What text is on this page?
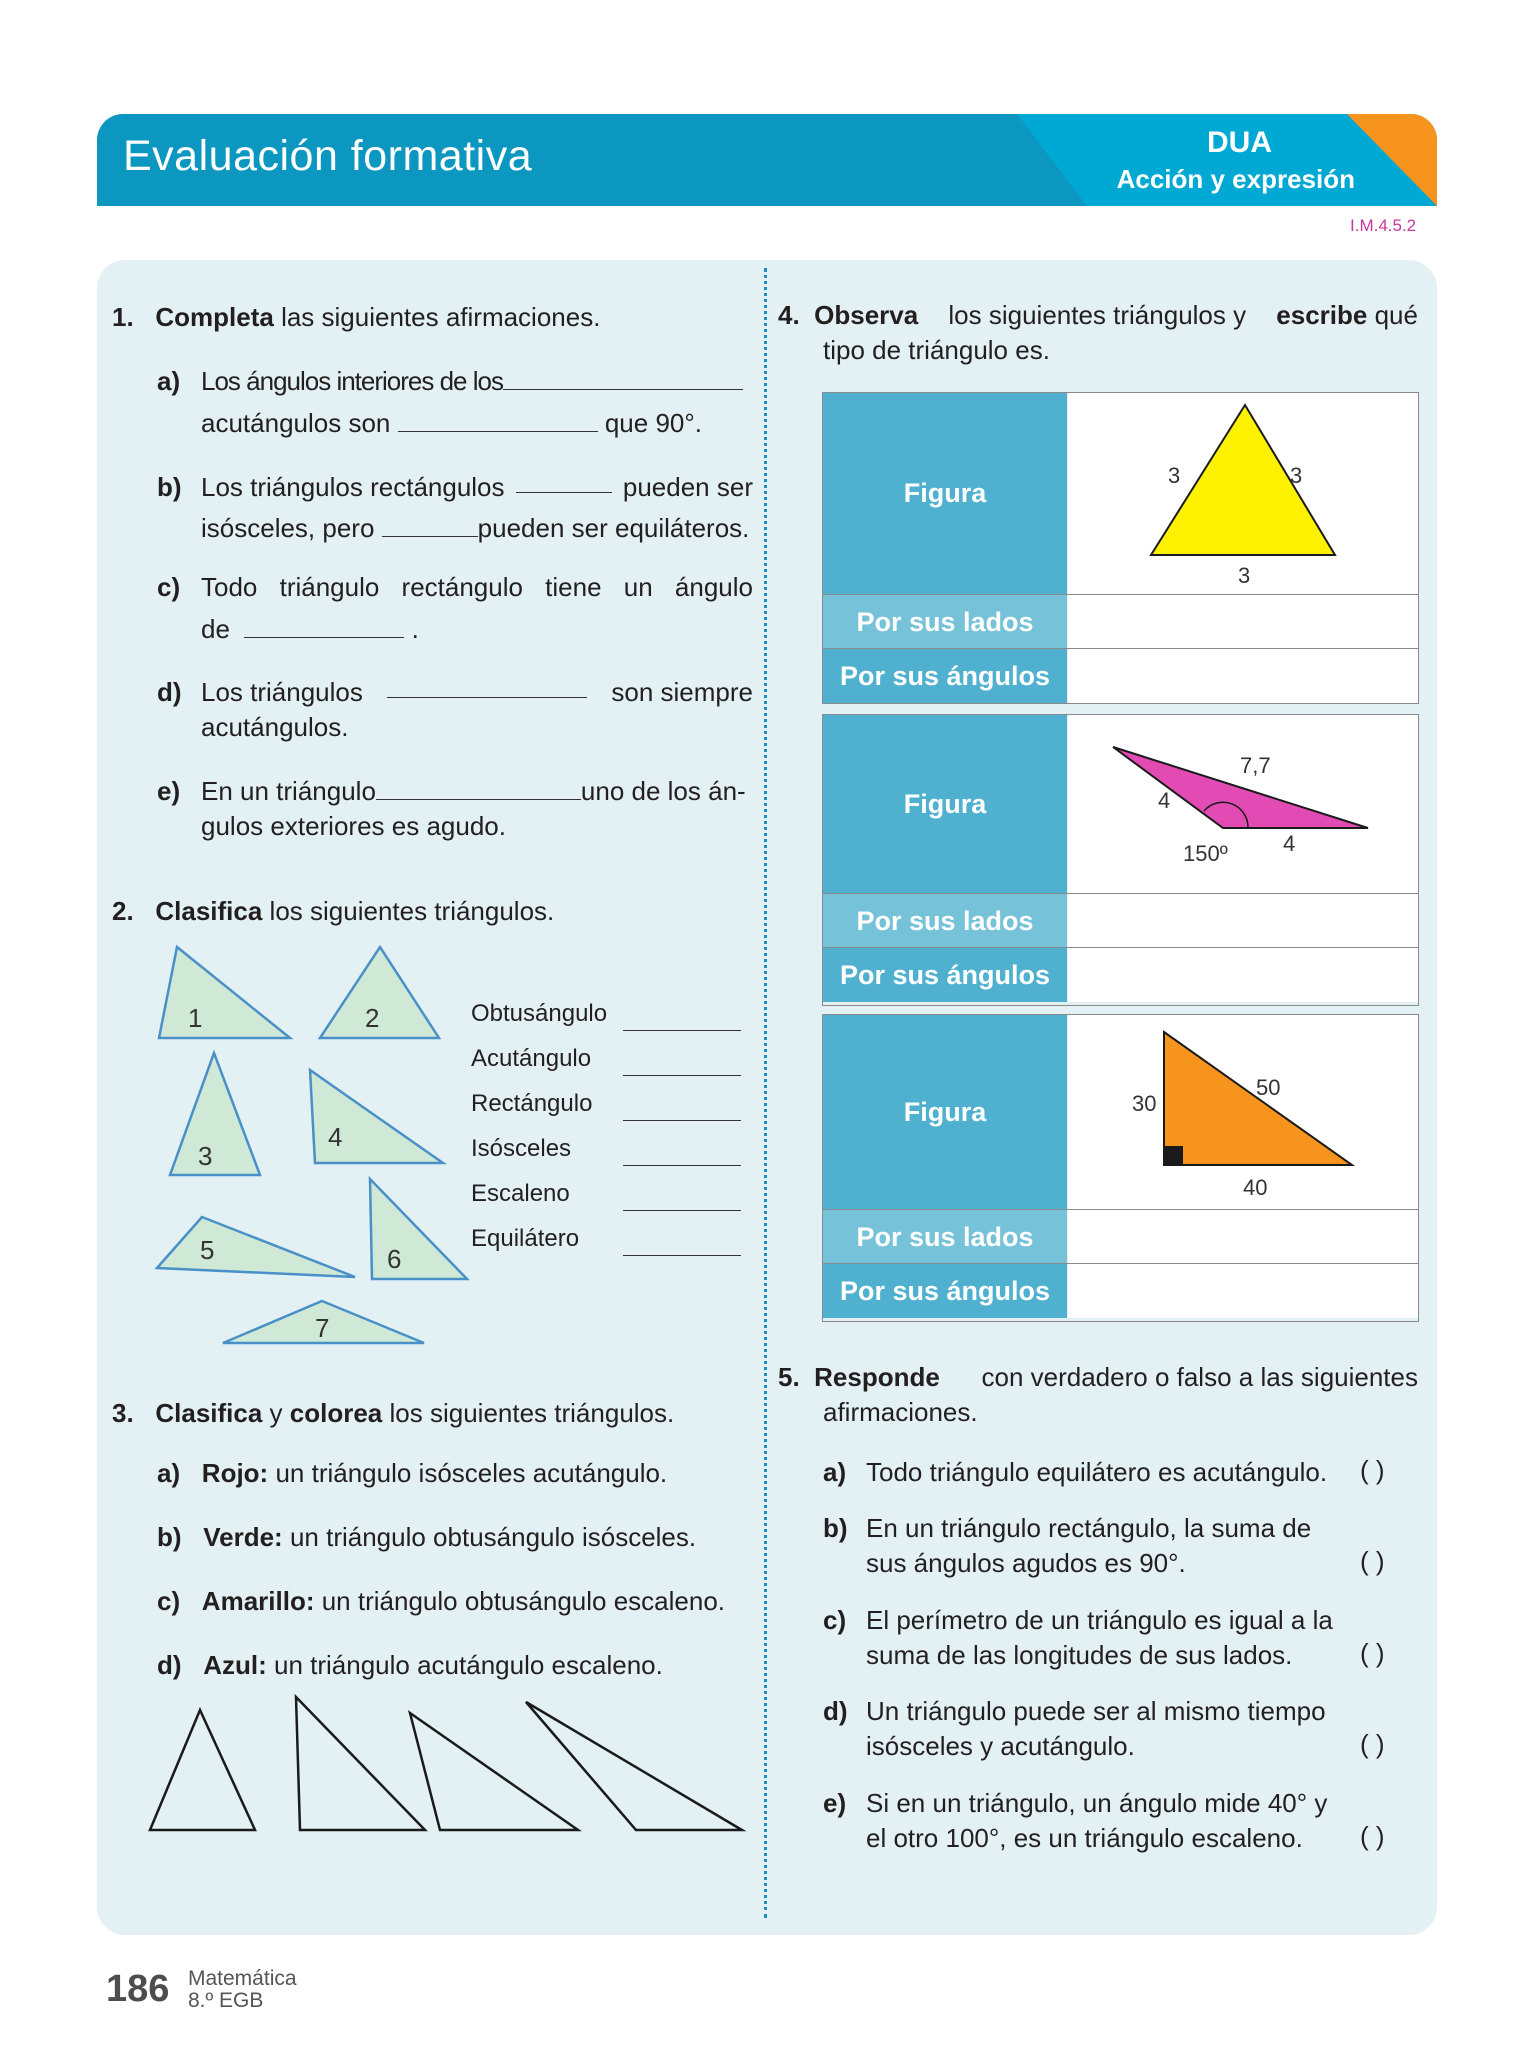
Evaluación formativa	DUA
Acción y expresión
I.M.4.5.2
1. Completa las siguientes afirmaciones.
a) Los ángulos interiores de los
acutángulos son	que 90°.
b) Los triángulos rectángulos	pueden ser
isósceles, pero	pueden ser equiláteros.
c) Todo triángulo rectángulo tiene un ángulo
de	.
d) Los triángulos	son siempre
acutángulos.
e) En un triángulo	uno de los án-
gulos exteriores es agudo.
2. Clasifica los siguientes triángulos.
1	2
3
4
5	6
7
Obtusángulo
Acutángulo
Rectángulo
Isósceles
Escaleno
Equilátero
3. Clasifica y colorea los siguientes triángulos.
a) Rojo: un triángulo isósceles acutángulo.
b) Verde: un triángulo obtusángulo isósceles.
c) Amarillo: un triángulo obtusángulo escaleno.
d) Azul: un triángulo acutángulo escaleno.
4. Observa los siguientes triángulos y escribe qué
tipo de triángulo es.
Figura
3	3
3
Por sus lados
Por sus ángulos
Figura
7,7
4
150º	4
Por sus lados
Por sus ángulos
Figura	30
50
40
Por sus lados
Por sus ángulos
5. Responde con verdadero o falso a las siguientes
afirmaciones.
a) Todo triángulo equilátero es acutángulo. ( )
b) En un triángulo rectángulo, la suma de
sus ángulos agudos es 90°.	( )
c) El perímetro de un triángulo es igual a la
suma de las longitudes de sus lados.	( )
d) Un triángulo puede ser al mismo tiempo
isósceles y acutángulo.	( )
e) Si en un triángulo, un ángulo mide 40° y
el otro 100°, es un triángulo escaleno. ( )
186 Matemática
8.º EGB
